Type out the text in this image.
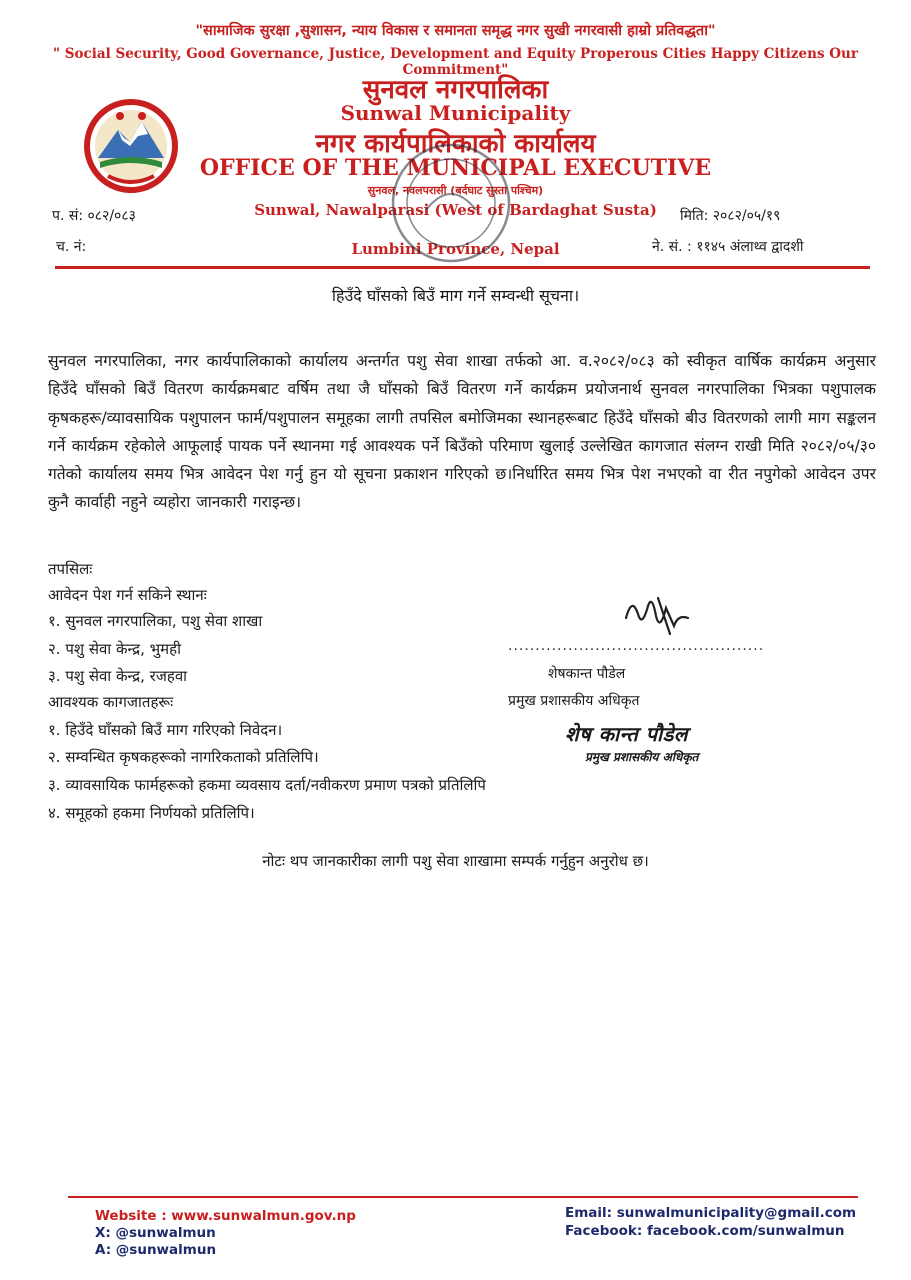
"सामाजिक सुरक्षा ,सुशासन, न्याय विकास र समानता समृद्ध नगर सुखी नगरवासी हाम्रो प्रतिवद्धता"
" Social Security, Good Governance, Justice, Development and Equity Properous Cities Happy Citizens Our Commitment"
सुनवल नगरपालिका
Sunwal Municipality
नगर कार्यपालिकाको कार्यालय
OFFICE OF THE MUNICIPAL EXECUTIVE
सुनवल, नवलपरासी (बर्दघाट सुस्ता पश्चिम)
Sunwal, Nawalparasi (West of Bardaghat Susta)
Lumbini Province, Nepal
प. सं: ०८२/०८३
च. नं:
मिति: २०८२/०५/१९
ने. सं. : ११४५ अंलाथ्व द्वादशी
हिउँदे घाँसको बिउँ माग गर्ने सम्वन्धी सूचना।
सुनवल नगरपालिका, नगर कार्यपालिकाको कार्यालय अन्तर्गत पशु सेवा शाखा तर्फको आ. व.२०८२/०८३ को स्वीकृत वार्षिक कार्यक्रम अनुसार हिउँदे घाँसको बिउँ वितरण कार्यक्रमबाट वर्षिम तथा जै घाँसको बिउँ वितरण गर्ने कार्यक्रम प्रयोजनार्थ सुनवल नगरपालिका भित्रका पशुपालक कृषकहरू/व्यावसायिक पशुपालन फार्म/पशुपालन समूहका लागी तपसिल बमोजिमका स्थानहरूबाट हिउँदे घाँसको बीउ वितरणको लागी माग सङ्कलन गर्ने कार्यक्रम रहेकोले आफूलाई पायक पर्ने स्थानमा गई आवश्यक पर्ने बिउँको परिमाण खुलाई उल्लेखित कागजात संलग्न राखी मिति २०८२/०५/३० गतेको कार्यालय समय भित्र आवेदन पेश गर्नु हुन यो सूचना प्रकाशन गरिएको छ।निर्धारित समय भित्र पेश नभएको वा रीत नपुगेको आवेदन उपर कुनै कार्वाही नहुने व्यहोरा जानकारी गराइन्छ।
तपसिलः
आवेदन पेश गर्न सकिने स्थानः
१. सुनवल नगरपालिका, पशु सेवा शाखा
२. पशु सेवा केन्द्र, भुमही
३. पशु सेवा केन्द्र, रजहवा
आवश्यक कागजातहरूः
१. हिउँदे घाँसको बिउँ माग गरिएको निवेदन।
२. सम्वन्धित कृषकहरूको नागरिकताको प्रतिलिपि।
३. व्यावसायिक फार्महरूको हकमा व्यवसाय दर्ता/नवीकरण प्रमाण पत्रको प्रतिलिपि
४. समूहको हकमा निर्णयको प्रतिलिपि।
...............................................
शेषकान्त पौडेल
प्रमुख प्रशासकीय अधिकृत
शेष कान्त पौडेल
प्रमुख प्रशासकीय अधिकृत
नोटः थप जानकारीका लागी पशु सेवा शाखामा सम्पर्क गर्नुहुन अनुरोध छ।
Website : www.sunwalmun.gov.np
X: @sunwalmun
A: @sunwalmun
Email: sunwalmunicipality@gmail.com
Facebook: facebook.com/sunwalmun
